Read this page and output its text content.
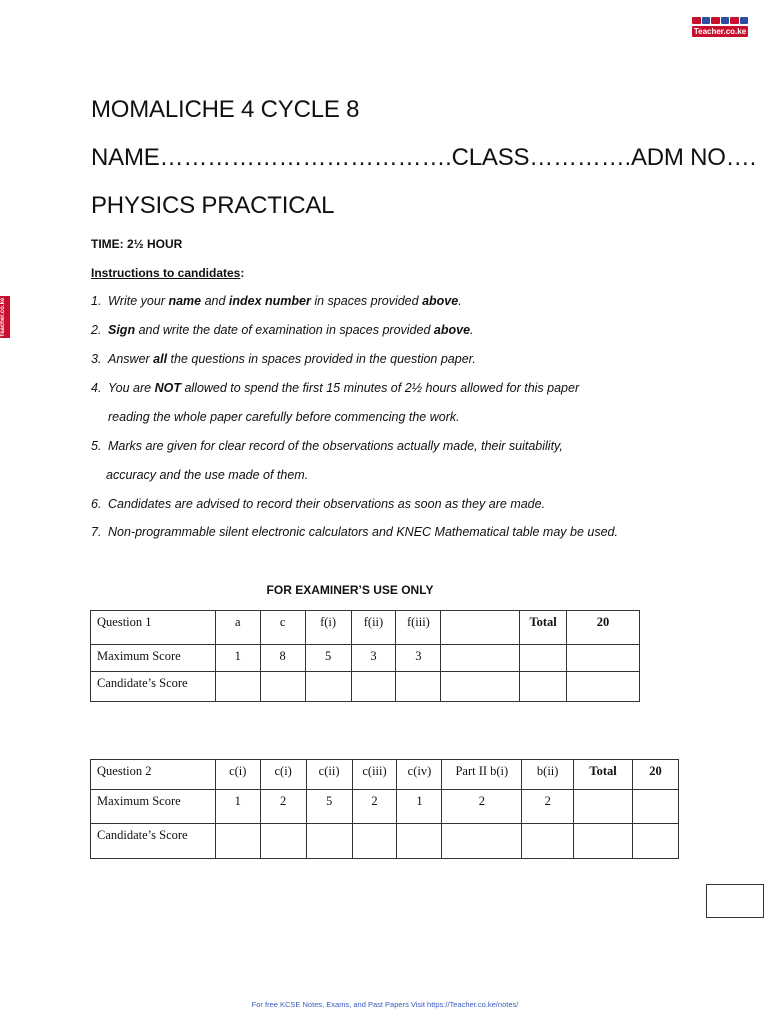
Teacher.co.ke
Teacher.co.ke
MOMALICHE 4 CYCLE 8
NAME……………………………….CLASS………….ADM NO….
PHYSICS PRACTICAL
TIME: 2½ HOUR
Instructions to candidates:
1. Write your name and index number in spaces provided above.
2. Sign and write the date of examination in spaces provided above.
3. Answer all the questions in spaces provided in the question paper.
4. You are NOT allowed to spend the first 15 minutes of 2½ hours allowed for this paper
reading the whole paper carefully before commencing the work.
5. Marks are given for clear record of the observations actually made, their suitability,
accuracy and the use made of them.
6. Candidates are advised to record their observations as soon as they are made.
7. Non-programmable silent electronic calculators and KNEC Mathematical table may be used.
FOR EXAMINER’S USE ONLY
Question 1	a	c	f(i)	f(ii)	f(iii)		Total	20
Maximum Score	1	8	5	3	3			
Candidate’s Score								
Question 2	c(i)	c(i)	c(ii)	c(iii)	c(iv)	Part II b(i)	b(ii)	Total	20
Maximum Score	1	2	5	2	1	2	2		
Candidate’s Score									
For free KCSE Notes, Exams, and Past Papers Visit https://Teacher.co.ke/notes/
